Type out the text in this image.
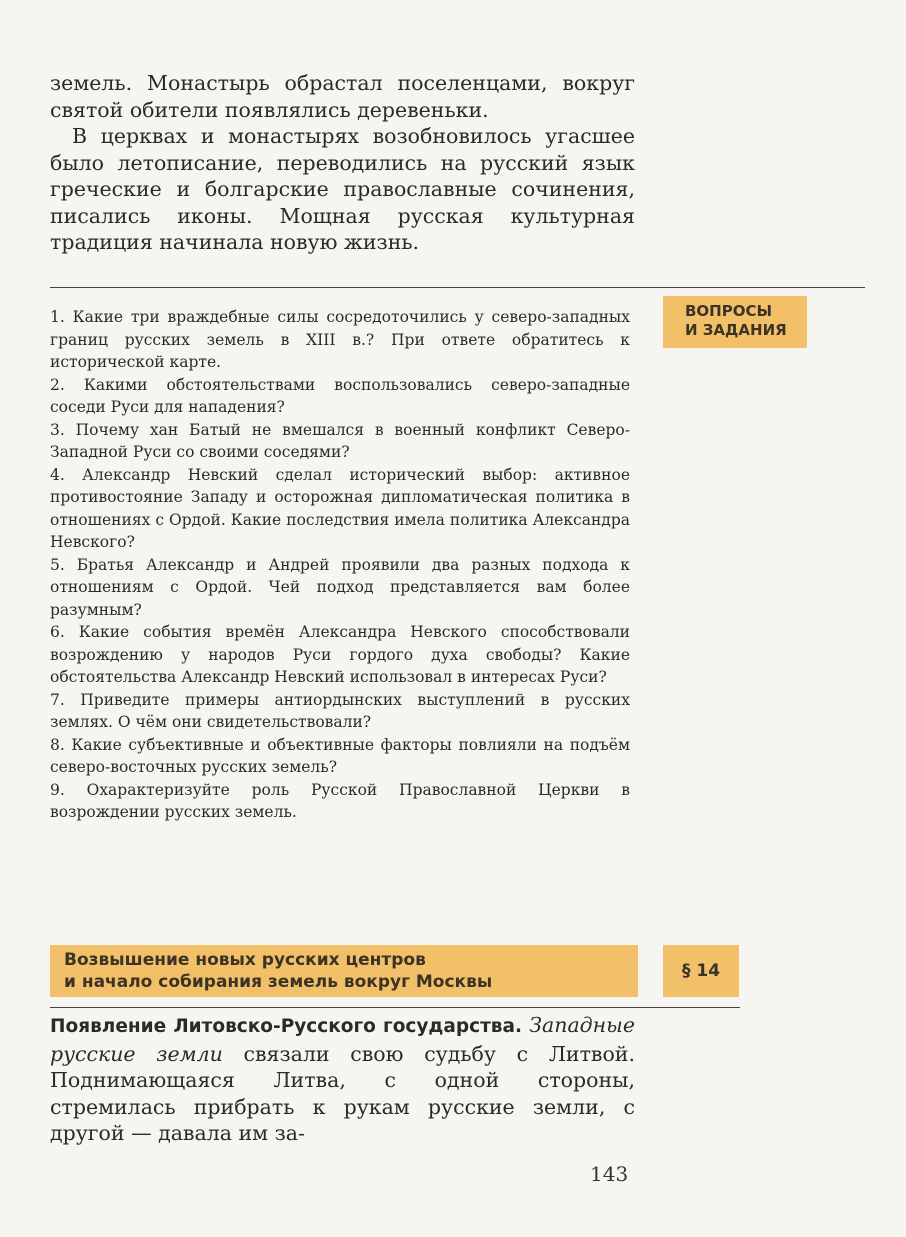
земель. Монастырь обрастал поселенцами, вокруг святой обители появлялись деревеньки.

В церквах и монастырях возобновилось угасшее было летописание, переводились на русский язык греческие и болгарские православные сочинения, писались иконы. Мощная русская культурная традиция начинала новую жизнь.

ВОПРОСЫ
И ЗАДАНИЯ

1. Какие три враждебные силы сосредоточились у северо-западных границ русских земель в XIII в.? При ответе обратитесь к исторической карте.

2. Какими обстоятельствами воспользовались северо-западные соседи Руси для нападения?

3. Почему хан Батый не вмешался в военный конфликт Северо-Западной Руси со своими соседями?

4. Александр Невский сделал исторический выбор: активное противостояние Западу и осторожная дипломатическая политика в отношениях с Ордой. Какие последствия имела политика Александра Невского?

5. Братья Александр и Андрей проявили два разных подхода к отношениям с Ордой. Чей подход представляется вам более разумным?

6. Какие события времён Александра Невского способствовали возрождению у народов Руси гордого духа свободы? Какие обстоятельства Александр Невский использовал в интересах Руси?

7. Приведите примеры антиордынских выступлений в русских землях. О чём они свидетельствовали?

8. Какие субъективные и объективные факторы повлияли на подъём северо-восточных русских земель?

9. Охарактеризуйте роль Русской Православной Церкви в возрождении русских земель.

Возвышение новых русских центров
и начало собирания земель вокруг Москвы
§ 14

Появление Литовско-Русского государства. Западные русские земли связали свою судьбу с Литвой. Поднимающаяся Литва, с одной стороны, стремилась прибрать к рукам русские земли, с другой — давала им за-

143
